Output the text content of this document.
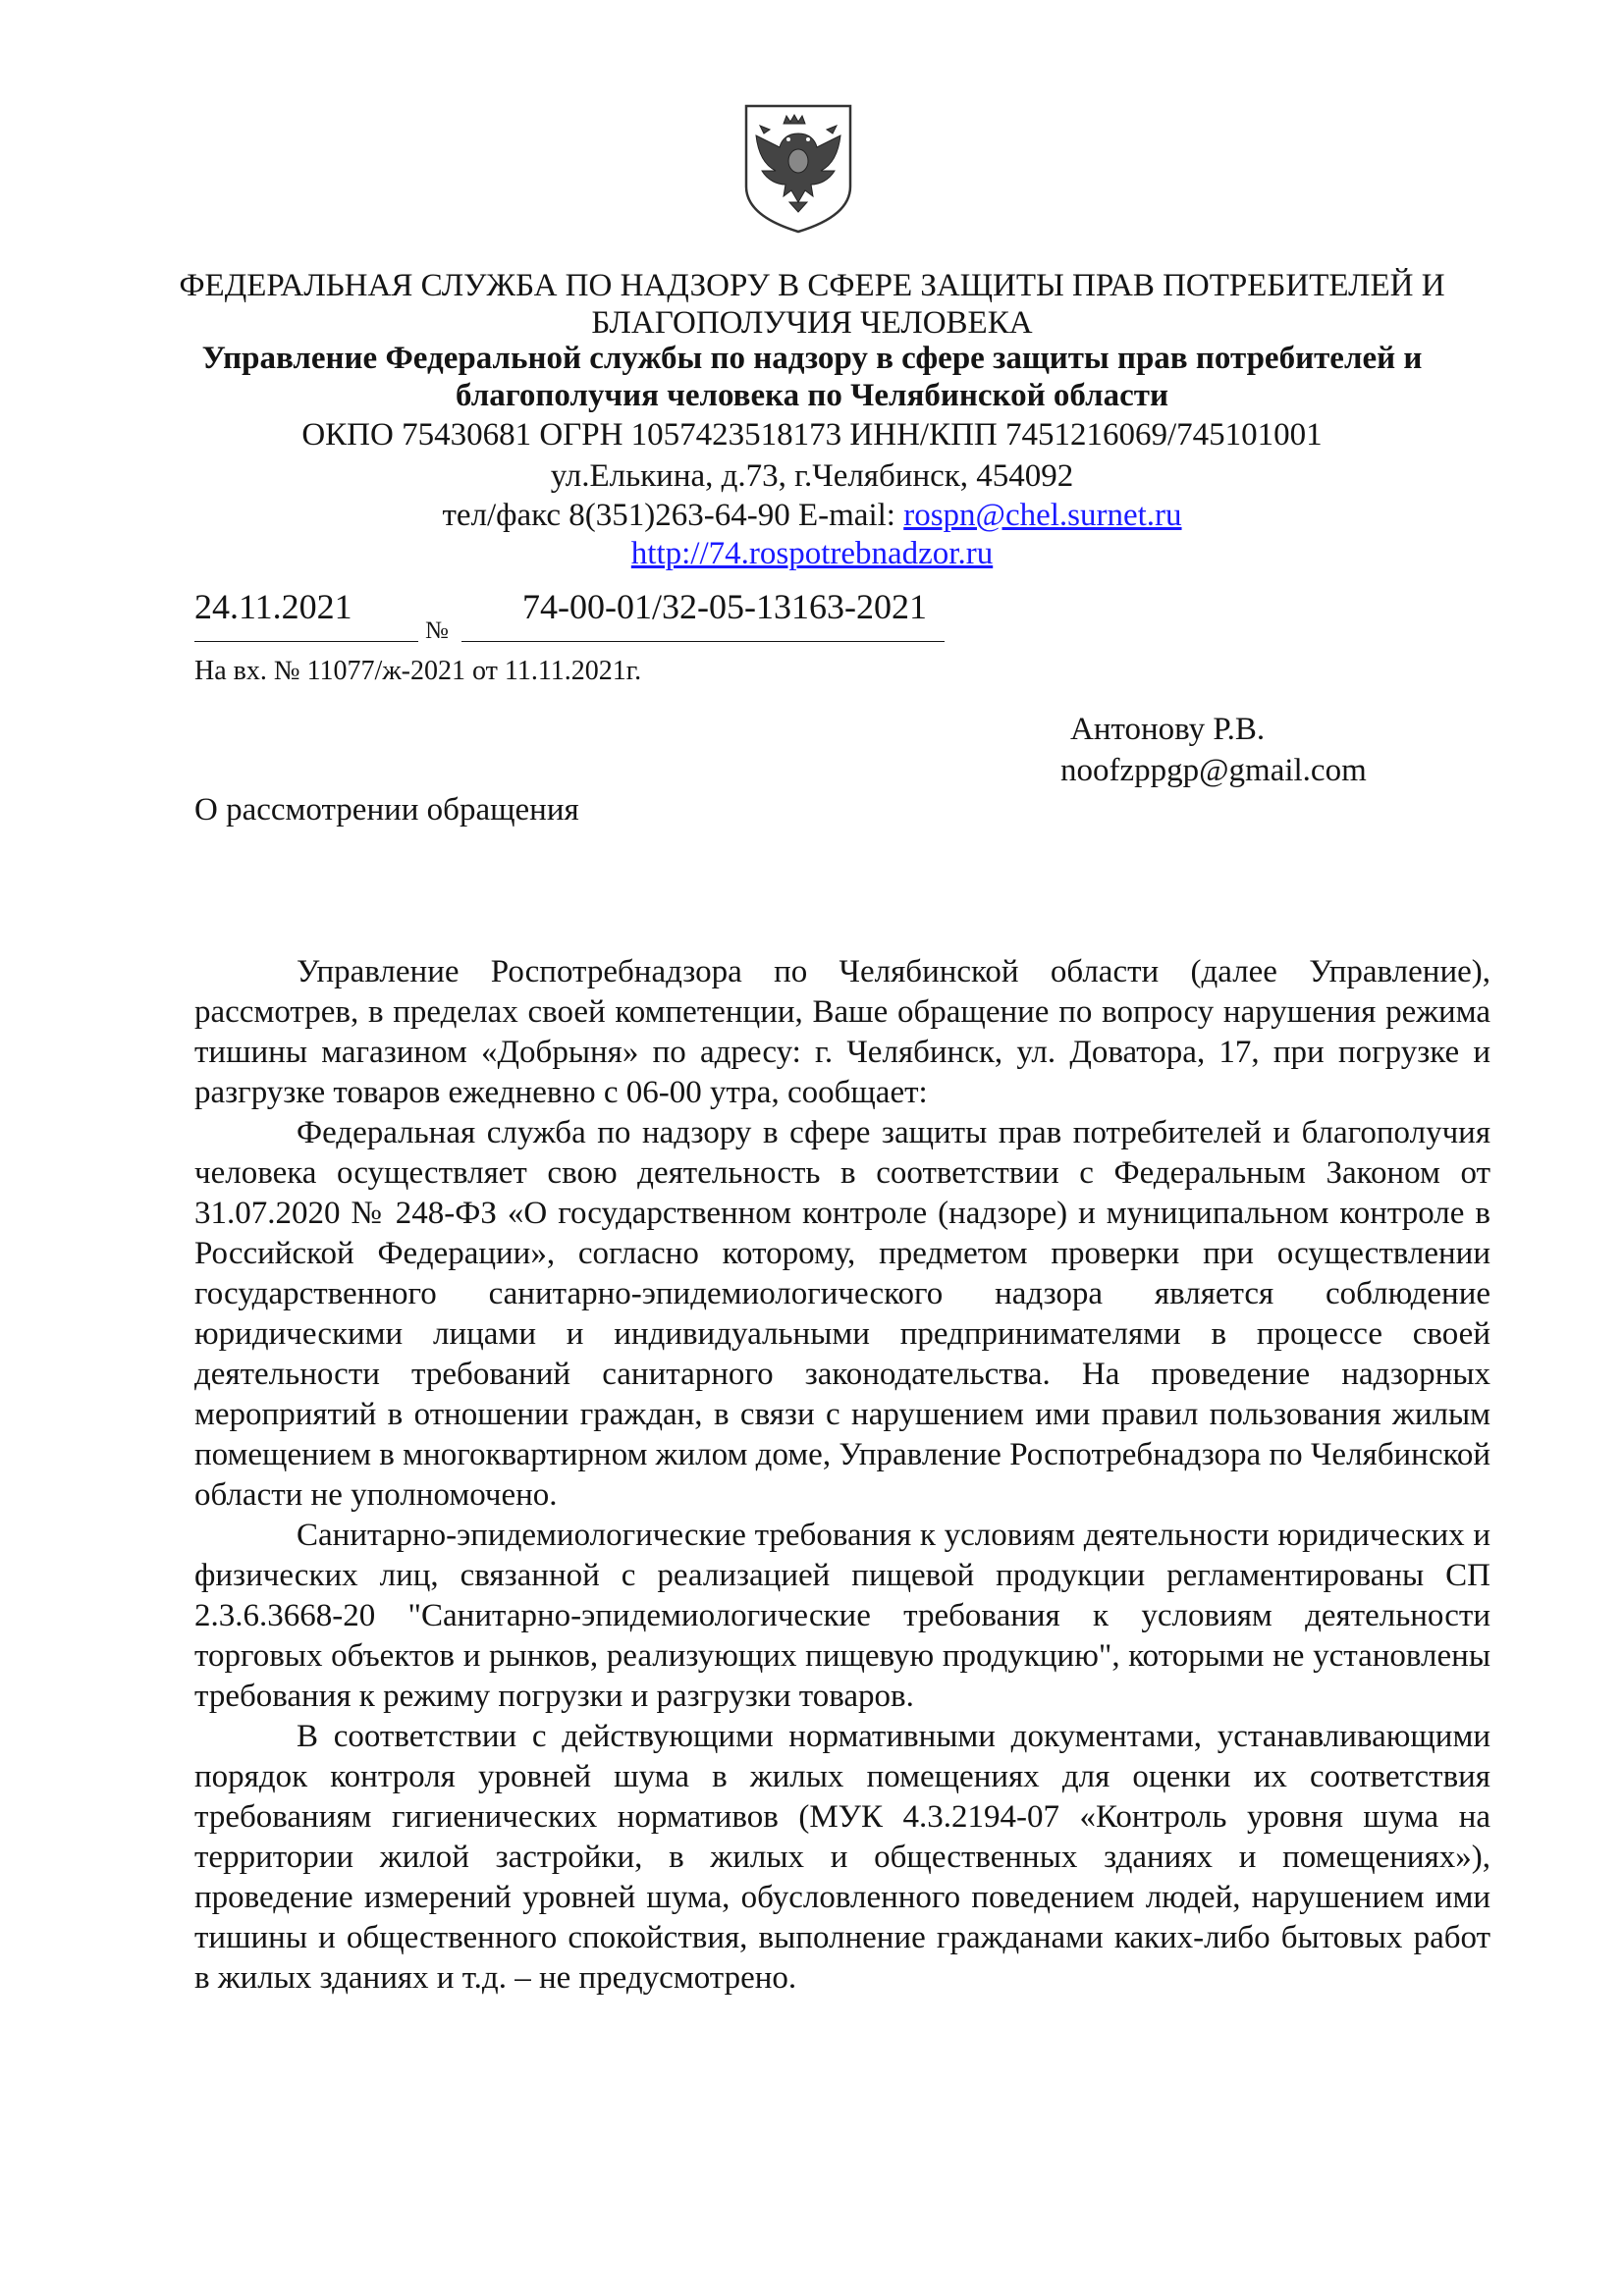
ФЕДЕРАЛЬНАЯ СЛУЖБА ПО НАДЗОРУ В СФЕРЕ ЗАЩИТЫ ПРАВ ПОТРЕБИТЕЛЕЙ И БЛАГОПОЛУЧИЯ ЧЕЛОВЕКА
Управление Федеральной службы по надзору в сфере защиты прав потребителей и благополучия человека по Челябинской области
ОКПО 75430681 ОГРН 1057423518173 ИНН/КПП 7451216069/745101001
ул.Елькина, д.73, г.Челябинск, 454092
тел/факс 8(351)263-64-90 E-mail: rospn@chel.surnet.ru
http://74.rospotrebnadzor.ru
24.11.2021
№
74-00-01/32-05-13163-2021
На вх. № 11077/ж-2021 от 11.11.2021г.
Антонову Р.В.
noofzppgp@gmail.com
О рассмотрении обращения

Управление Роспотребнадзора по Челябинской области (далее Управление), рассмотрев, в пределах своей компетенции, Ваше обращение по вопросу нарушения режима тишины магазином «Добрыня» по адресу: г. Челябинск, ул. Доватора, 17, при погрузке и разгрузке товаров ежедневно с 06-00 утра, сообщает:

Федеральная служба по надзору в сфере защиты прав потребителей и благополучия человека осуществляет свою деятельность в соответствии с Федеральным Законом от 31.07.2020 № 248-ФЗ «О государственном контроле (надзоре) и муниципальном контроле в Российской Федерации», согласно которому, предметом проверки при осуществлении государственного санитарно-эпидемиологического надзора является соблюдение юридическими лицами и индивидуальными предпринимателями в процессе своей деятельности требований санитарного законодательства. На проведение надзорных мероприятий в отношении граждан, в связи с нарушением ими правил пользования жилым помещением в многоквартирном жилом доме, Управление Роспотребнадзора по Челябинской области не уполномочено.

Санитарно-эпидемиологические требования к условиям деятельности юридических и физических лиц, связанной с реализацией пищевой продукции регламентированы СП 2.3.6.3668-20 "Санитарно-эпидемиологические требования к условиям деятельности торговых объектов и рынков, реализующих пищевую продукцию", которыми не установлены требования к режиму погрузки и разгрузки товаров.

В соответствии с действующими нормативными документами, устанавливающими порядок контроля уровней шума в жилых помещениях для оценки их соответствия требованиям гигиенических нормативов (МУК 4.3.2194-07 «Контроль уровня шума на территории жилой застройки, в жилых и общественных зданиях и помещениях»), проведение измерений уровней шума, обусловленного поведением людей, нарушением ими тишины и общественного спокойствия, выполнение гражданами каких-либо бытовых работ в жилых зданиях и т.д. – не предусмотрено.
